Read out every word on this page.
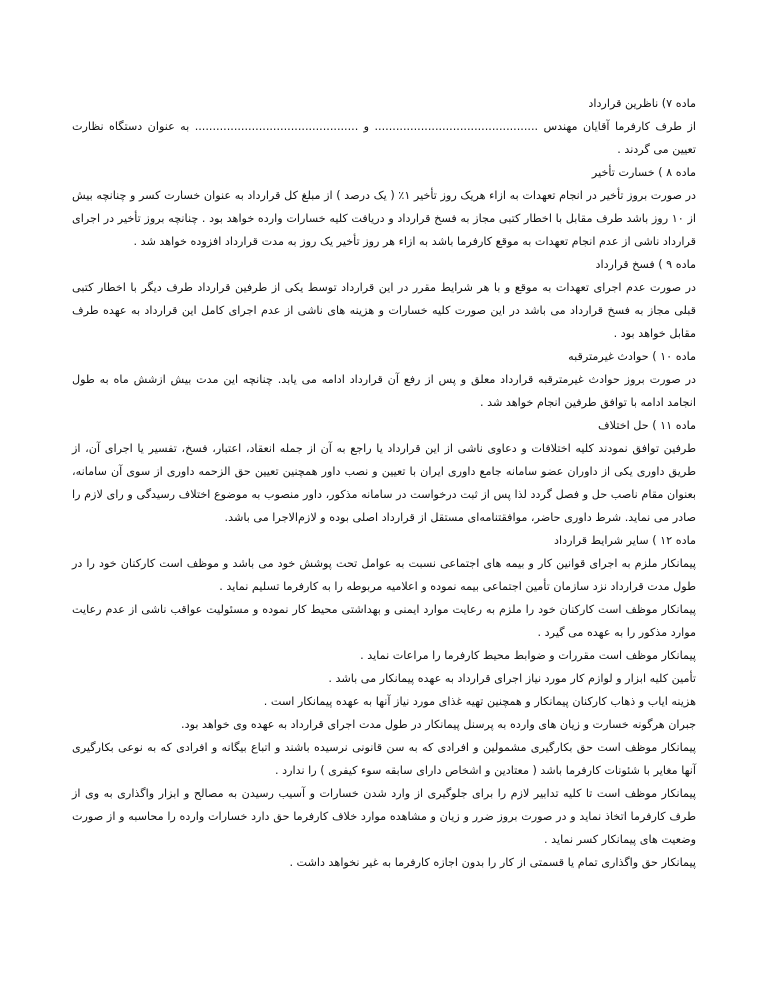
ماده ۷) ناظرین قرارداد

از طرف کارفرما آقایان مهندس .............................................. و .............................................. به عنوان دستگاه نظارت تعیین می گردند .

ماده ۸ ) خسارت تأخیر

در صورت بروز تأخیر در انجام تعهدات به ازاء هریک روز تأخیر ۱٪ ( یک درصد ) از مبلغ کل قرارداد به عنوان خسارت کسر و چنانچه بیش از ۱۰ روز باشد طرف مقابل با اخطار کتبی مجاز به فسخ قرارداد و دریافت کلیه خسارات وارده خواهد بود . چنانچه بروز تأخیر در اجرای قرارداد ناشی از عدم انجام تعهدات به موقع کارفرما باشد به ازاء هر روز تأخیر یک روز به مدت قرارداد افزوده خواهد شد .

ماده ۹ ) فسخ قرارداد

در صورت عدم اجرای تعهدات به موقع و با هر شرایط مقرر در این قرارداد توسط یکی از طرفین قرارداد طرف دیگر با اخطار کتبی قبلی مجاز به فسخ قرارداد می باشد در این صورت کلیه خسارات و هزینه های ناشی از عدم اجرای کامل این قرارداد به عهده طرف مقابل خواهد بود .

ماده ۱۰ ) حوادث غیرمترقبه

در صورت بروز حوادث غیرمترقبه قرارداد معلق و پس از رفع آن قرارداد ادامه می یابد. چنانچه این مدت بیش ازشش ماه به طول انجامد ادامه با توافق طرفین انجام خواهد شد .

ماده ۱۱ ) حل اختلاف

طرفین توافق نمودند کلیه اختلافات و دعاوی ناشی از این قرارداد یا راجع به آن از جمله انعقاد، اعتبار، فسخ، تفسیر یا اجرای آن، از طریق داوری یکی از داوران عضو سامانه جامع داوری ایران با تعیین و نصب داور همچنین تعیین حق الزحمه داوری از سوی آن سامانه، بعنوان مقام ناصب حل و فصل گردد لذا پس از ثبت درخواست در سامانه مذکور، داور منصوب به موضوع اختلاف رسیدگی و رای لازم را صادر می نماید. شرط داوری حاضر، موافقتنامه‌ای مستقل از قرارداد اصلی بوده و لازم‌الاجرا می باشد.

ماده ۱۲ ) سایر شرایط قرارداد

پیمانکار ملزم به اجرای قوانین کار و بیمه های اجتماعی نسبت به عوامل تحت پوشش خود می باشد و موظف است کارکنان خود را در طول مدت قرارداد نزد سازمان تأمین اجتماعی بیمه نموده و اعلامیه مربوطه را به کارفرما تسلیم نماید .

پیمانکار موظف است کارکنان خود را ملزم به رعایت موارد ایمنی و بهداشتی محیط کار نموده و مسئولیت عواقب ناشی از عدم رعایت موارد مذکور را به عهده می گیرد .

پیمانکار موظف است مقررات و ضوابط محیط کارفرما را مراعات نماید .

تأمین کلیه ابزار و لوازم کار مورد نیاز اجرای قرارداد به عهده پیمانکار می باشد .

هزینه ایاب و ذهاب کارکنان پیمانکار و همچنین تهیه غذای مورد نیاز آنها به عهده پیمانکار است .

جبران هرگونه خسارت و زیان های وارده به پرسنل پیمانکار در طول مدت اجرای قرارداد به عهده وی خواهد بود.

پیمانکار موظف است حق بکارگیری مشمولین و افرادی که به سن قانونی نرسیده باشند و اتباع بیگانه و افرادی که به نوعی بکارگیری آنها مغایر با شئونات کارفرما باشد ( معتادین و اشخاص دارای سابقه سوء کیفری ) را ندارد .

پیمانکار موظف است تا کلیه تدابیر لازم را برای جلوگیری از وارد شدن خسارات و آسیب رسیدن به مصالح و ابزار واگذاری به وی از طرف کارفرما اتخاذ نماید و در صورت بروز ضرر و زیان و مشاهده موارد خلاف کارفرما حق دارد خسارات وارده را محاسبه و از صورت وضعیت های پیمانکار کسر نماید .

پیمانکار حق واگذاری تمام یا قسمتی از کار را بدون اجازه کارفرما به غیر نخواهد داشت .
